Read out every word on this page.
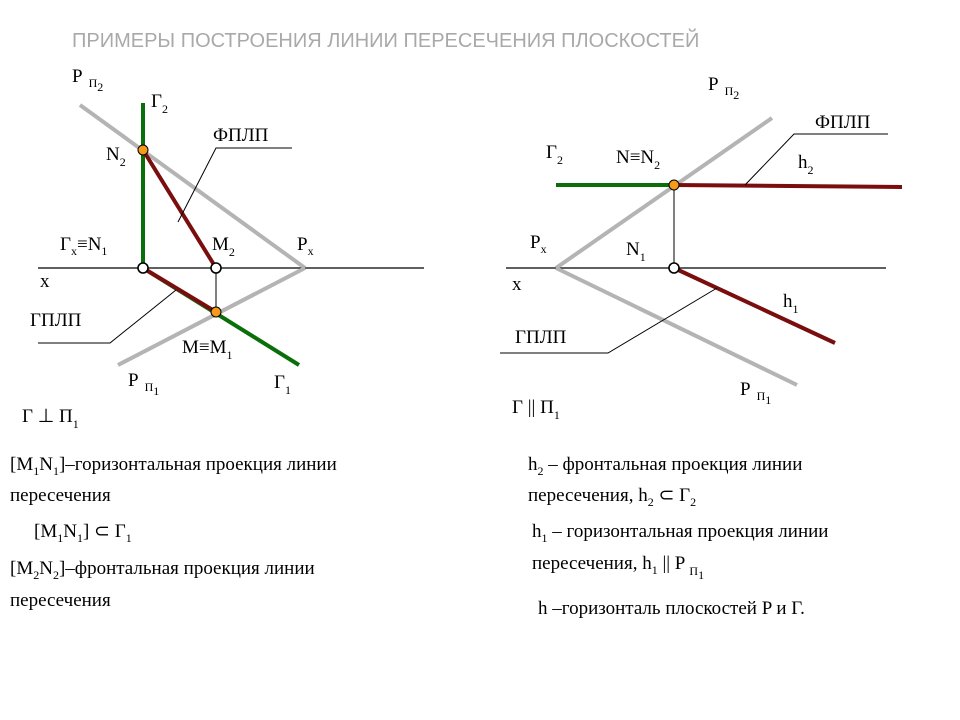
ПРИМЕРЫ ПОСТРОЕНИЯ ЛИНИИ ПЕРЕСЕЧЕНИЯ ПЛОСКОСТЕЙ
P $_{П2}$
$Г_2$
ФПЛП
$N_2$
$Г_x\equiv N_1$	$M_2$	$P_x$
x
ГПЛП
$M\equiv M_1$
P $_{П1}$	$Г_1$
Г ⊥ $П_1$
$[M_1N_1]$–горизонтальная проекция линии
пересечения
$[M_1N_1]$ ⊂ $Г_1$
$[M_2N_2]$–фронтальная проекция линии
пересечения
P $_{П2}$
ФПЛП
$Г_2$	$N\equiv N_2$	$h_2$
$P_x$	$N_1$
x
$h_1$
ГПЛП
P $_{П1}$
Г || $П_1$
$h_2$ – фронтальная проекция линии
пересечения, $h_2$ ⊂ $Г_2$
$h_1$ – горизонтальная проекция линии
пересечения, $h_1$ || P $_{П1}$
h –горизонталь плоскостей P и Г.
